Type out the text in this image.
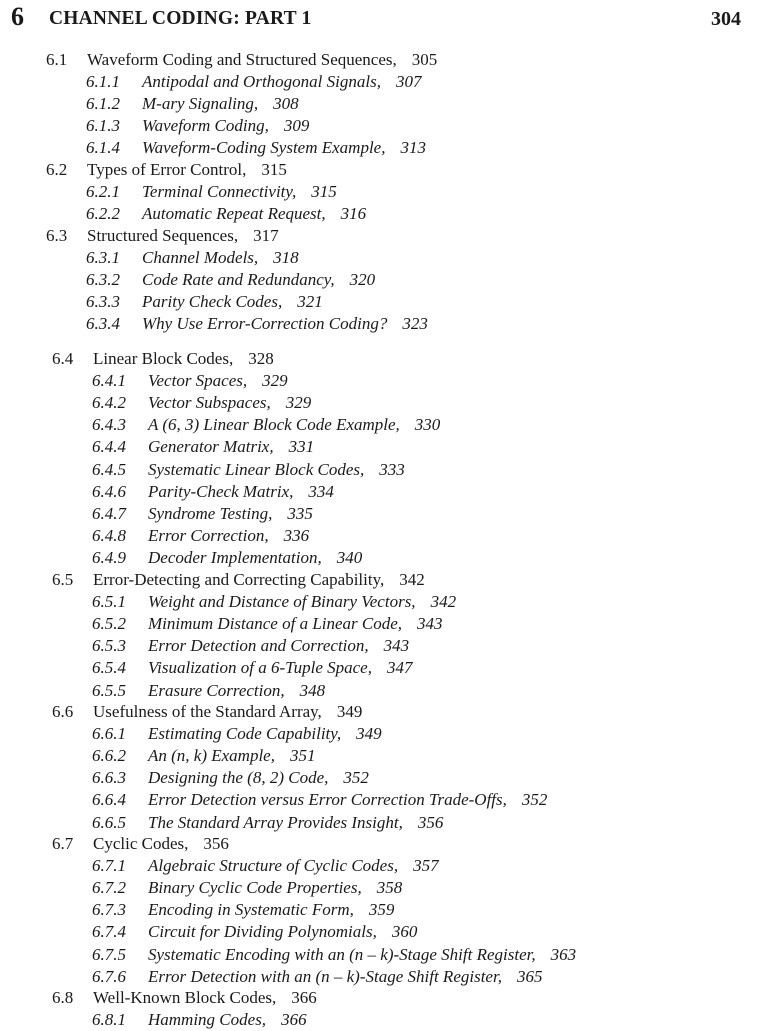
6 CHANNEL CODING: PART 1	304
6.1 Waveform Coding and Structured Sequences, 305
6.1.1 Antipodal and Orthogonal Signals, 307
6.1.2 M-ary Signaling, 308
6.1.3 Waveform Coding, 309
6.1.4 Waveform-Coding System Example, 313
6.2 Types of Error Control, 315
6.2.1 Terminal Connectivity, 315
6.2.2 Automatic Repeat Request, 316
6.3 Structured Sequences, 317
6.3.1 Channel Models, 318
6.3.2 Code Rate and Redundancy, 320
6.3.3 Parity Check Codes, 321
6.3.4 Why Use Error-Correction Coding? 323
6.4 Linear Block Codes, 328
6.4.1 Vector Spaces, 329
6.4.2 Vector Subspaces, 329
6.4.3 A (6, 3) Linear Block Code Example, 330
6.4.4 Generator Matrix, 331
6.4.5 Systematic Linear Block Codes, 333
6.4.6 Parity-Check Matrix, 334
6.4.7 Syndrome Testing, 335
6.4.8 Error Correction, 336
6.4.9 Decoder Implementation, 340
6.5 Error-Detecting and Correcting Capability, 342
6.5.1 Weight and Distance of Binary Vectors, 342
6.5.2 Minimum Distance of a Linear Code, 343
6.5.3 Error Detection and Correction, 343
6.5.4 Visualization of a 6-Tuple Space, 347
6.5.5 Erasure Correction, 348
6.6 Usefulness of the Standard Array, 349
6.6.1 Estimating Code Capability, 349
6.6.2 An (n, k) Example, 351
6.6.3 Designing the (8, 2) Code, 352
6.6.4 Error Detection versus Error Correction Trade-Offs, 352
6.6.5 The Standard Array Provides Insight, 356
6.7 Cyclic Codes, 356
6.7.1 Algebraic Structure of Cyclic Codes, 357
6.7.2 Binary Cyclic Code Properties, 358
6.7.3 Encoding in Systematic Form, 359
6.7.4 Circuit for Dividing Polynomials, 360
6.7.5 Systematic Encoding with an (n – k)-Stage Shift Register, 363
6.7.6 Error Detection with an (n – k)-Stage Shift Register, 365
6.8 Well-Known Block Codes, 366
6.8.1 Hamming Codes, 366
